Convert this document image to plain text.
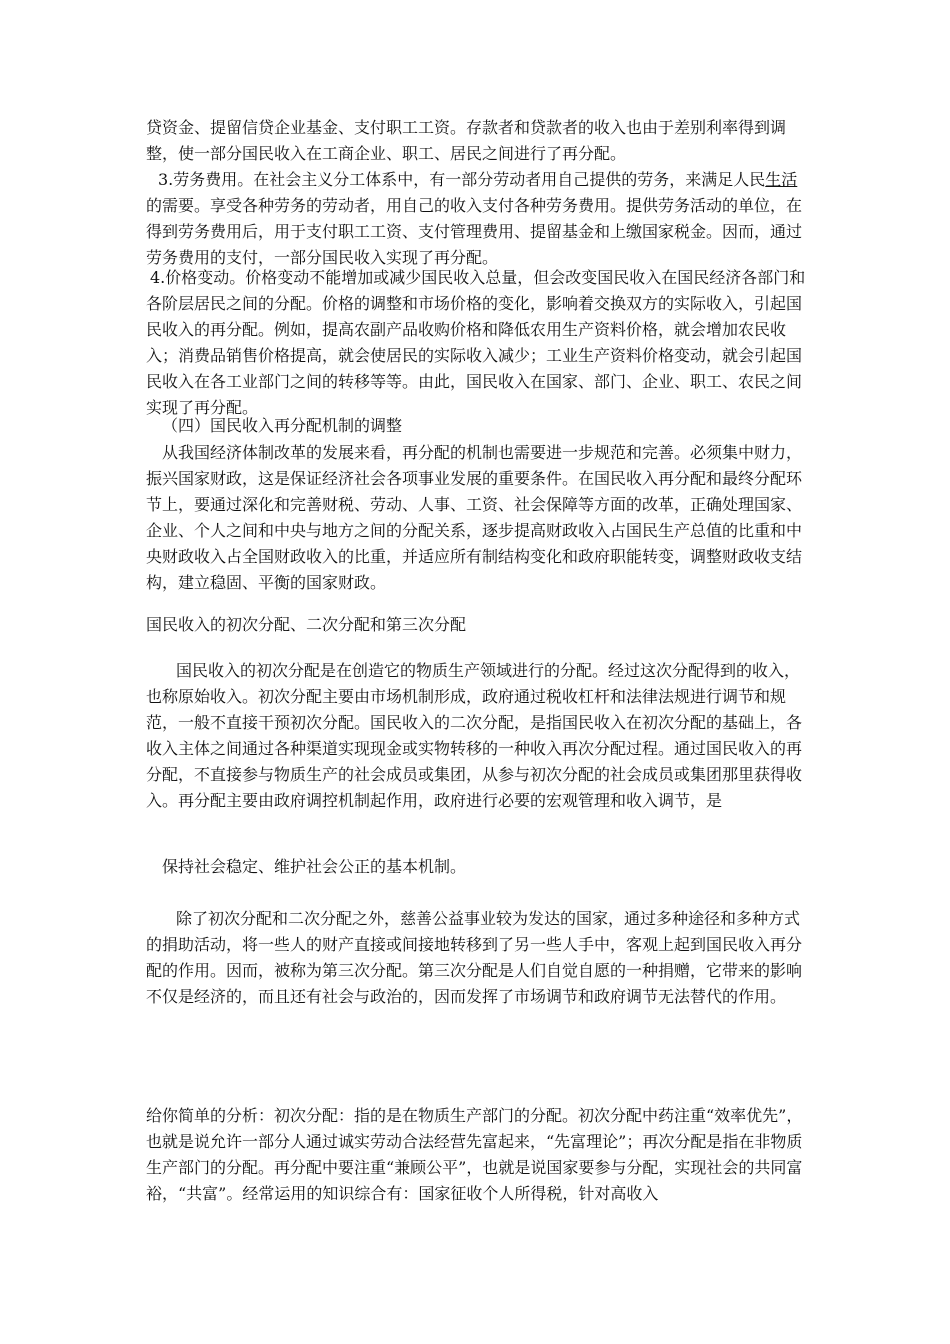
贷资金、提留信贷企业基金、支付职工工资。存款者和贷款者的收入也由于差别利率得到调整，使一部分国民收入在工商企业、职工、居民之间进行了再分配。

3.劳务费用。在社会主义分工体系中，有一部分劳动者用自己提供的劳务，来满足人民生活的需要。享受各种劳务的劳动者，用自己的收入支付各种劳务费用。提供劳务活动的单位，在得到劳务费用后，用于支付职工工资、支付管理费用、提留基金和上缴国家税金。因而，通过劳务费用的支付，一部分国民收入实现了再分配。

4.价格变动。价格变动不能增加或减少国民收入总量，但会改变国民收入在国民经济各部门和各阶层居民之间的分配。价格的调整和市场价格的变化，影响着交换双方的实际收入，引起国民收入的再分配。例如，提高农副产品收购价格和降低农用生产资料价格，就会增加农民收入；消费品销售价格提高，就会使居民的实际收入减少；工业生产资料价格变动，就会引起国民收入在各工业部门之间的转移等等。由此，国民收入在国家、部门、企业、职工、农民之间实现了再分配。

（四）国民收入再分配机制的调整

从我国经济体制改革的发展来看，再分配的机制也需要进一步规范和完善。必须集中财力，振兴国家财政，这是保证经济社会各项事业发展的重要条件。在国民收入再分配和最终分配环节上，要通过深化和完善财税、劳动、人事、工资、社会保障等方面的改革，正确处理国家、企业、个人之间和中央与地方之间的分配关系，逐步提高财政收入占国民生产总值的比重和中央财政收入占全国财政收入的比重，并适应所有制结构变化和政府职能转变，调整财政收支结构，建立稳固、平衡的国家财政。

国民收入的初次分配、二次分配和第三次分配

国民收入的初次分配是在创造它的物质生产领域进行的分配。经过这次分配得到的收入，也称原始收入。初次分配主要由市场机制形成，政府通过税收杠杆和法律法规进行调节和规范，一般不直接干预初次分配。国民收入的二次分配，是指国民收入在初次分配的基础上，各收入主体之间通过各种渠道实现现金或实物转移的一种收入再次分配过程。通过国民收入的再分配，不直接参与物质生产的社会成员或集团，从参与初次分配的社会成员或集团那里获得收入。再分配主要由政府调控机制起作用，政府进行必要的宏观管理和收入调节，是

保持社会稳定、维护社会公正的基本机制。

除了初次分配和二次分配之外，慈善公益事业较为发达的国家，通过多种途径和多种方式的捐助活动，将一些人的财产直接或间接地转移到了另一些人手中，客观上起到国民收入再分配的作用。因而，被称为第三次分配。第三次分配是人们自觉自愿的一种捐赠，它带来的影响不仅是经济的，而且还有社会与政治的，因而发挥了市场调节和政府调节无法替代的作用。

给你简单的分析：初次分配：指的是在物质生产部门的分配。初次分配中药注重“效率优先”，也就是说允许一部分人通过诚实劳动合法经营先富起来，“先富理论”；再次分配是指在非物质生产部门的分配。再分配中要注重“兼顾公平”，也就是说国家要参与分配，实现社会的共同富裕，“共富”。经常运用的知识综合有：国家征收个人所得税，针对高收入
